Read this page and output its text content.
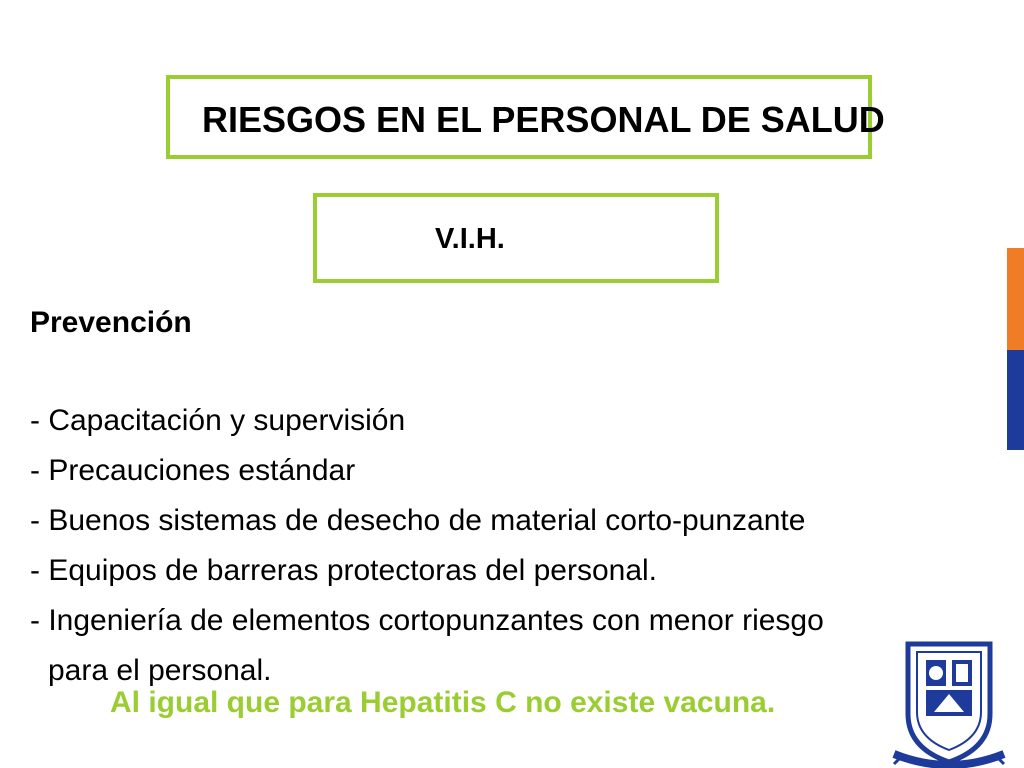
RIESGOS EN EL PERSONAL DE SALUD
V.I.H.
Prevención
- Capacitación y supervisión
- Precauciones estándar
- Buenos sistemas de desecho de material corto-punzante
- Equipos de barreras protectoras del personal.
- Ingeniería de elementos cortopunzantes con menor riesgo
para el personal.
Al igual que para Hepatitis C no existe vacuna.
